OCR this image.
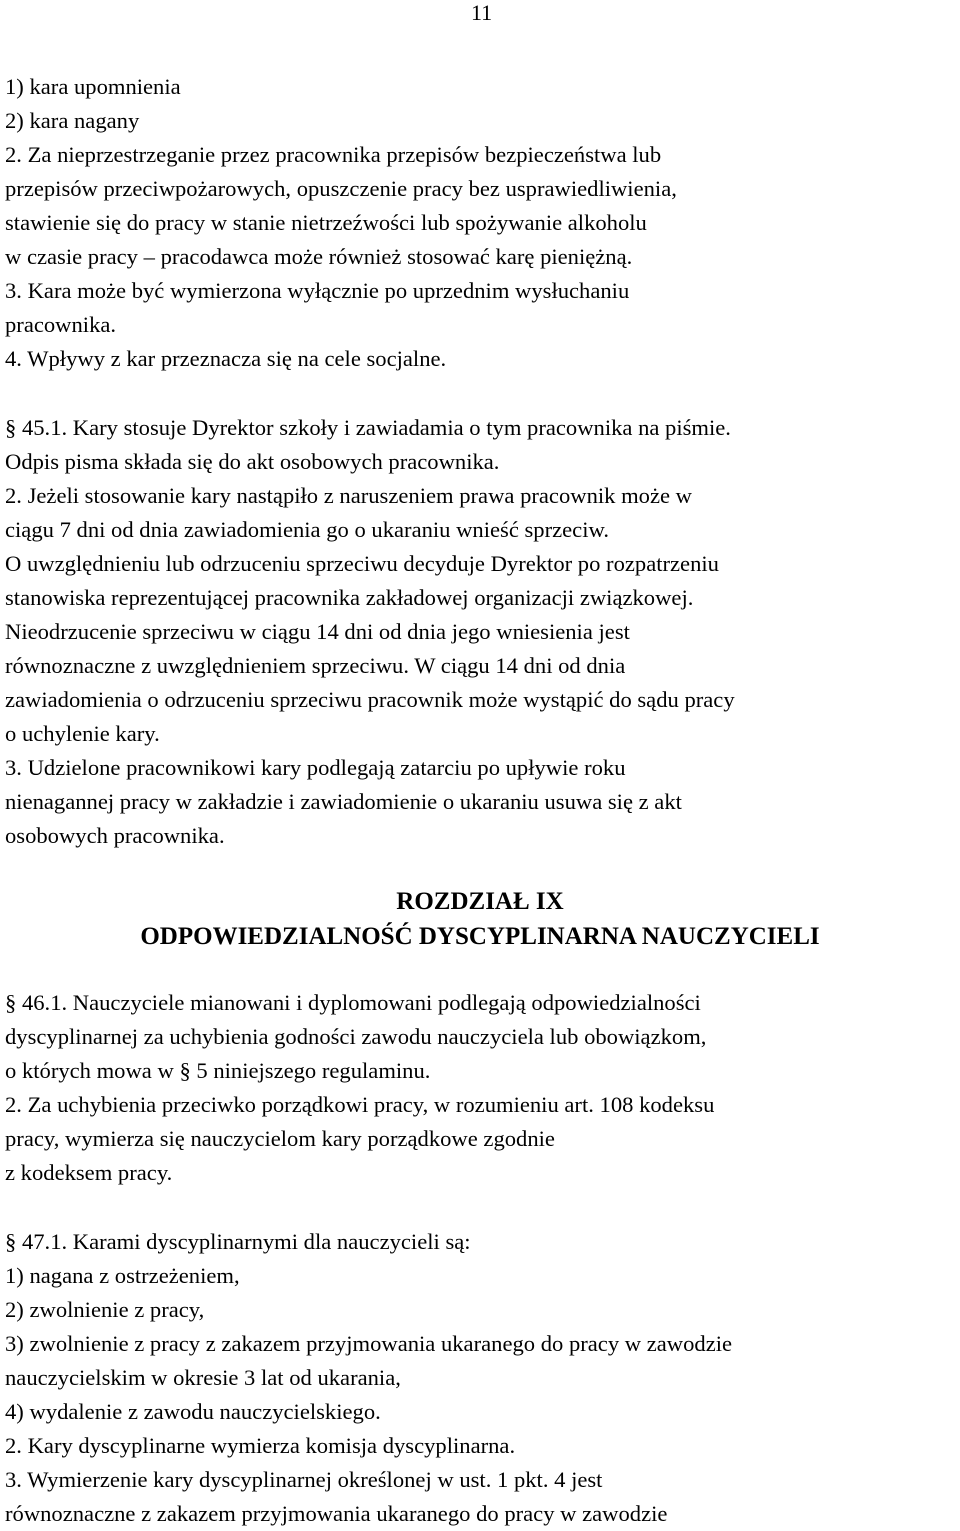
11
1) kara upomnienia
2) kara nagany
2. Za nieprzestrzeganie przez pracownika przepisów bezpieczeństwa lub
przepisów przeciwpożarowych, opuszczenie pracy bez usprawiedliwienia,
stawienie się do pracy w stanie nietrzeźwości lub spożywanie alkoholu
w czasie pracy – pracodawca może również stosować karę pieniężną.
3. Kara może być wymierzona wyłącznie po uprzednim wysłuchaniu
pracownika.
4. Wpływy z kar przeznacza się na cele socjalne.
§ 45.1. Kary stosuje Dyrektor szkoły i zawiadamia o tym pracownika na piśmie.
Odpis pisma składa się do akt osobowych pracownika.
2. Jeżeli stosowanie kary nastąpiło z naruszeniem prawa pracownik może w
ciągu 7 dni od dnia zawiadomienia go o ukaraniu wnieść sprzeciw.
O uwzględnieniu lub odrzuceniu sprzeciwu decyduje Dyrektor po rozpatrzeniu
stanowiska reprezentującej pracownika zakładowej organizacji związkowej.
Nieodrzucenie sprzeciwu w ciągu 14 dni od dnia jego wniesienia jest
równoznaczne z uwzględnieniem sprzeciwu. W ciągu 14 dni od dnia
zawiadomienia o odrzuceniu sprzeciwu pracownik może wystąpić do sądu pracy
o uchylenie kary.
3. Udzielone pracownikowi kary podlegają zatarciu po upływie roku
nienagannej pracy w zakładzie i zawiadomienie o ukaraniu usuwa się z akt
osobowych pracownika.
ROZDZIAŁ IX
ODPOWIEDZIALNOŚĆ DYSCYPLINARNA NAUCZYCIELI
§ 46.1. Nauczyciele mianowani i dyplomowani podlegają odpowiedzialności
dyscyplinarnej za uchybienia godności zawodu nauczyciela lub obowiązkom,
o których mowa w § 5 niniejszego regulaminu.
2. Za uchybienia przeciwko porządkowi pracy, w rozumieniu art. 108 kodeksu
pracy, wymierza się nauczycielom kary porządkowe zgodnie
z kodeksem pracy.
§ 47.1. Karami dyscyplinarnymi dla nauczycieli są:
1) nagana z ostrzeżeniem,
2) zwolnienie z pracy,
3) zwolnienie z pracy z zakazem przyjmowania ukaranego do pracy w zawodzie
nauczycielskim w okresie 3 lat od ukarania,
4) wydalenie z zawodu nauczycielskiego.
2. Kary dyscyplinarne wymierza komisja dyscyplinarna.
3. Wymierzenie kary dyscyplinarnej określonej w ust. 1 pkt. 4 jest
równoznaczne z zakazem przyjmowania ukaranego do pracy w zawodzie
